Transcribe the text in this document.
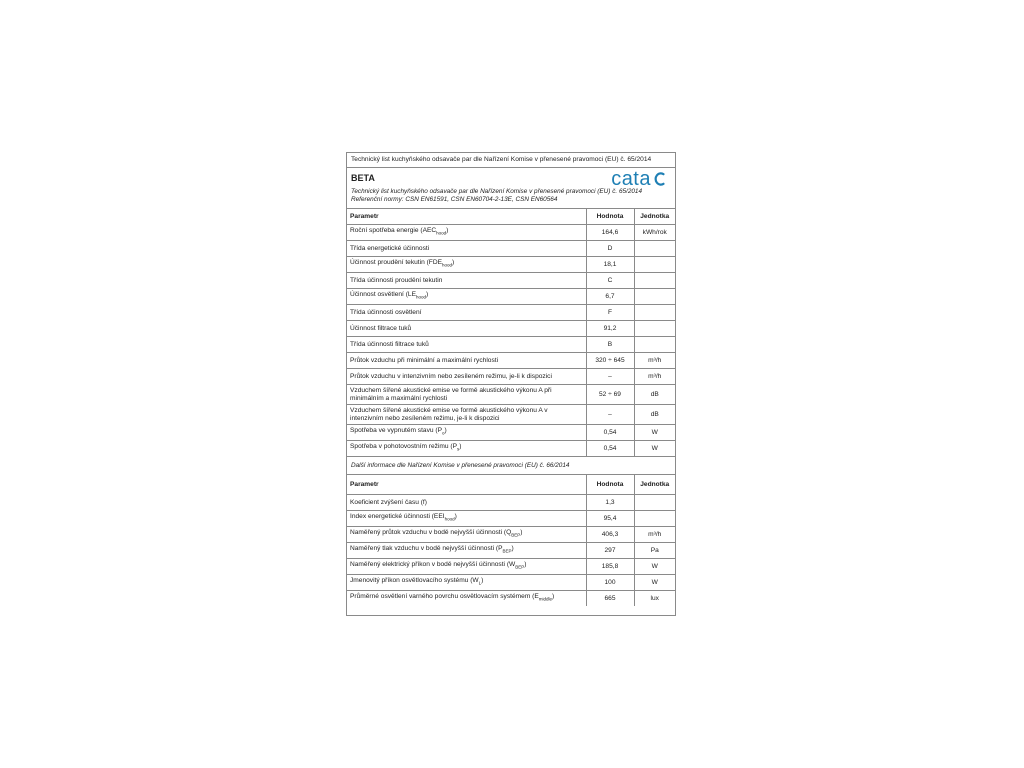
Technický list kuchyňského odsavače par dle Nařízení Komise v přenesené pravomoci (EU) č. 65/2014
BETA	cata
Technický list kuchyňského odsavače par dle Nařízení Komise v přenesené pravomoci (EU) č. 65/2014
Referenční normy: ČSN EN61591, ČSN EN60704-2-13E, ČSN EN60564
Parametr	Hodnota	Jednotka
Roční spotřeba energie $(AEC_{hood})$	164,6	kWh/rok
Třída energetické účinnosti	D	
Účinnost proudění tekutin $(FDE_{hood})$	18,1	
Třída účinnosti proudění tekutin	C	
Účinnost osvětlení $(LE_{hood})$	6,7	
Třída účinnosti osvětlení	F	
Účinnost filtrace tuků	91,2	
Třída účinnosti filtrace tuků	B	
Průtok vzduchu při minimální a maximální rychlosti	320 ÷ 645	m³/h
Průtok vzduchu v intenzivním nebo zesíleném režimu, je-li k dispozici	–	m³/h
Vzduchem šířené akustické emise ve formě akustického výkonu A při minimálním a maximální rychlosti	52 ÷ 69	dB
Vzduchem šířené akustické emise ve formě akustického výkonu A v intenzivním nebo zesíleném režimu, je-li k dispozici	–	dB
Spotřeba ve vypnutém stavu $(P_o)$	0,54	W
Spotřeba v pohotovostním režimu $(P_s)$	0,54	W
Další informace dle Nařízení Komise v přenesené pravomoci (EU) č. 66/2014
Parametr	Hodnota	Jednotka
Koeficient zvýšení času (f)	1,3	
Index energetické účinnosti $(EEI_{hood})$	95,4	
Naměřený průtok vzduchu v bodě nejvyšší účinnosti $(Q_{BEP})$	406,3	m³/h
Naměřený tlak vzduchu v bodě nejvyšší účinnosti $(P_{BEP})$	297	Pa
Naměřený elektrický příkon v bodě nejvyšší účinnosti $(W_{BEP})$	185,8	W
Jmenovitý příkon osvětlovacího systému $(W_L)$	100	W
Průměrné osvětlení varného povrchu osvětlovacím systémem $(E_{middle})$	665	lux
